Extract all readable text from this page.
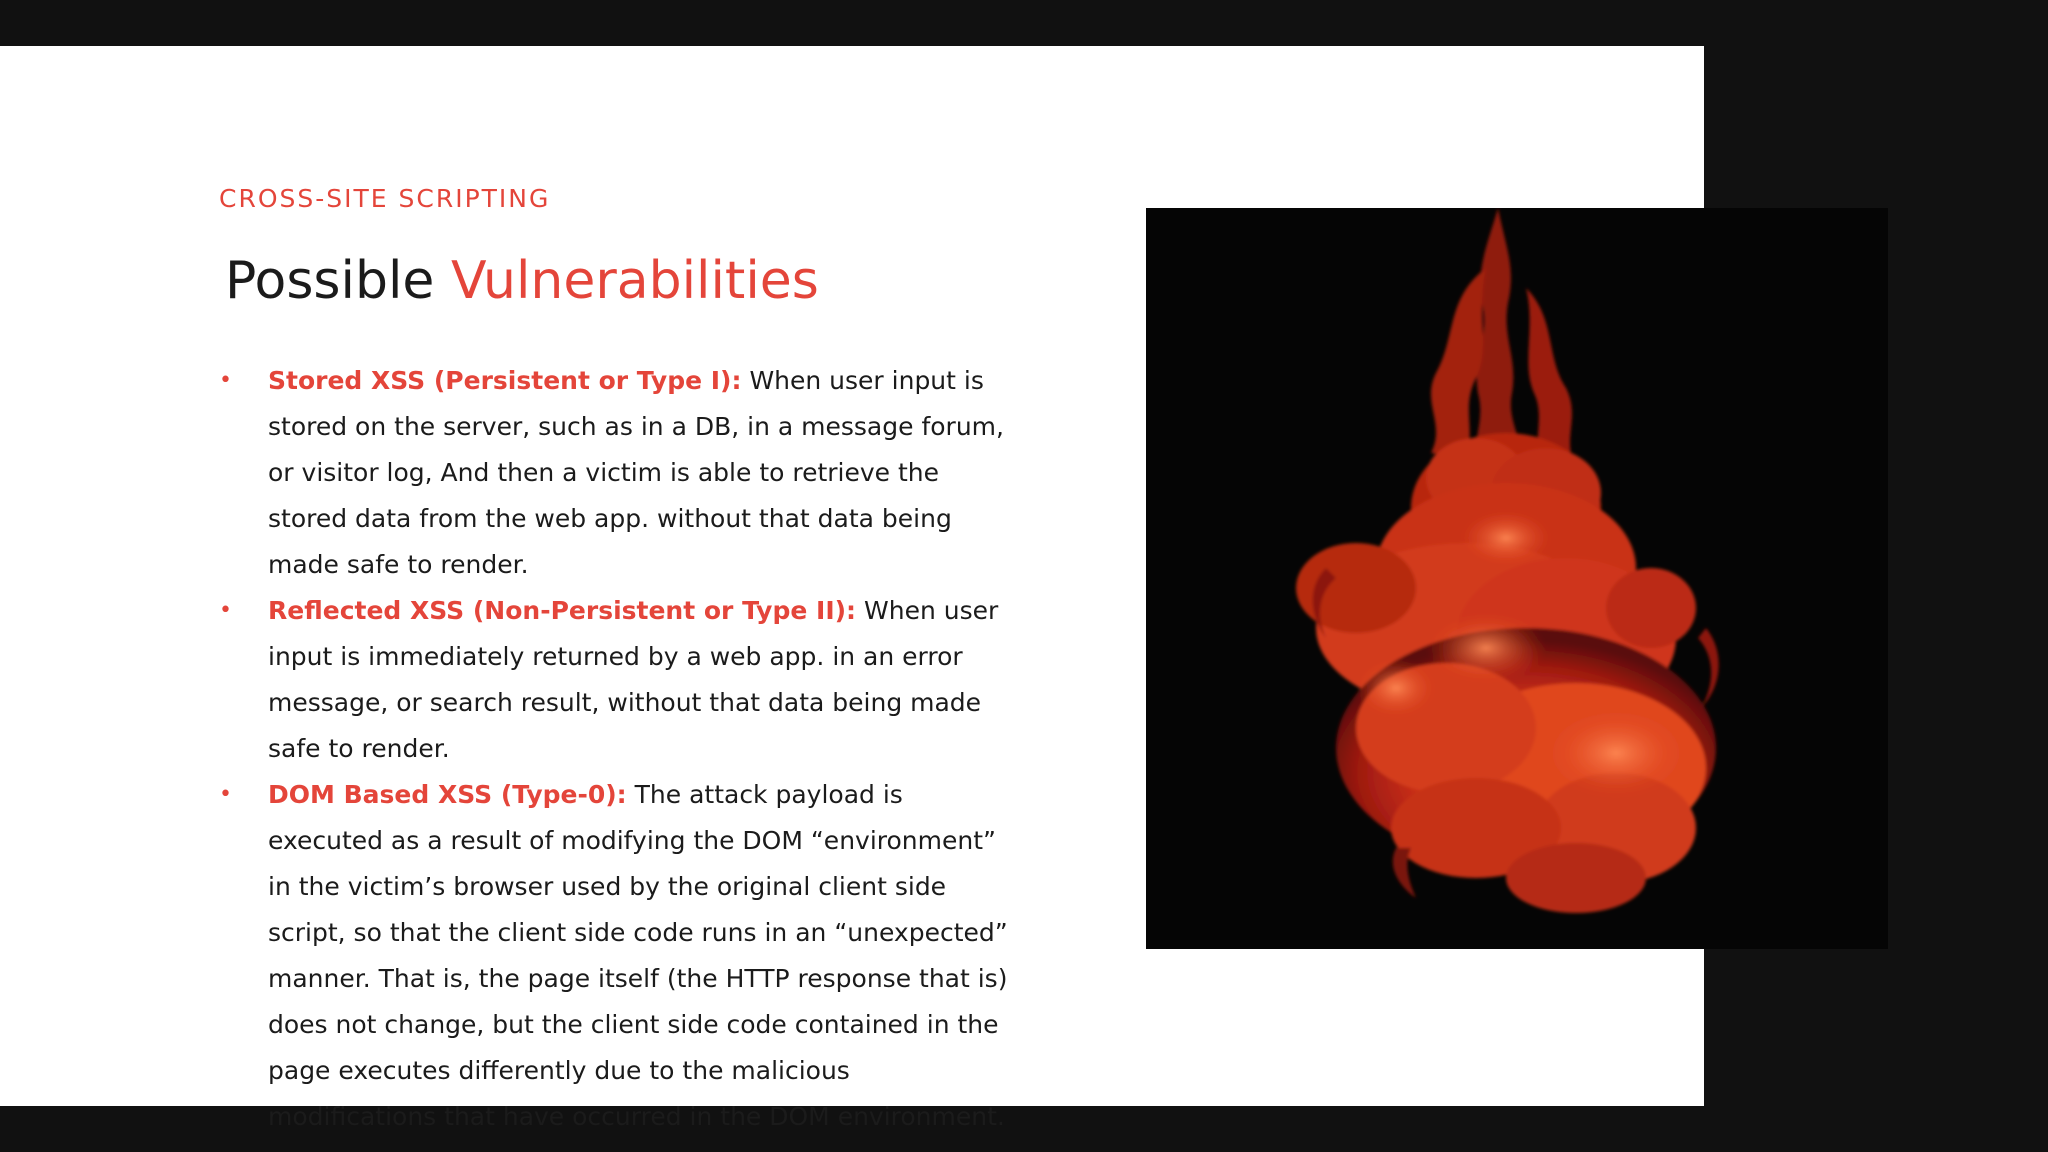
CROSS-SITE SCRIPTING
Possible Vulnerabilities
• Stored XSS (Persistent or Type I): When user input is stored on the server, such as in a DB, in a message forum, or visitor log, And then a victim is able to retrieve the stored data from the web app. without that data being made safe to render.
• Reflected XSS (Non-Persistent or Type II): When user input is immediately returned by a web app. in an error message, or search result, without that data being made safe to render.
• DOM Based XSS (Type-0): The attack payload is executed as a result of modifying the DOM “environment” in the victim’s browser used by the original client side script, so that the client side code runs in an “unexpected” manner. That is, the page itself (the HTTP response that is) does not change, but the client side code contained in the page executes differently due to the malicious modifications that have occurred in the DOM environment.
